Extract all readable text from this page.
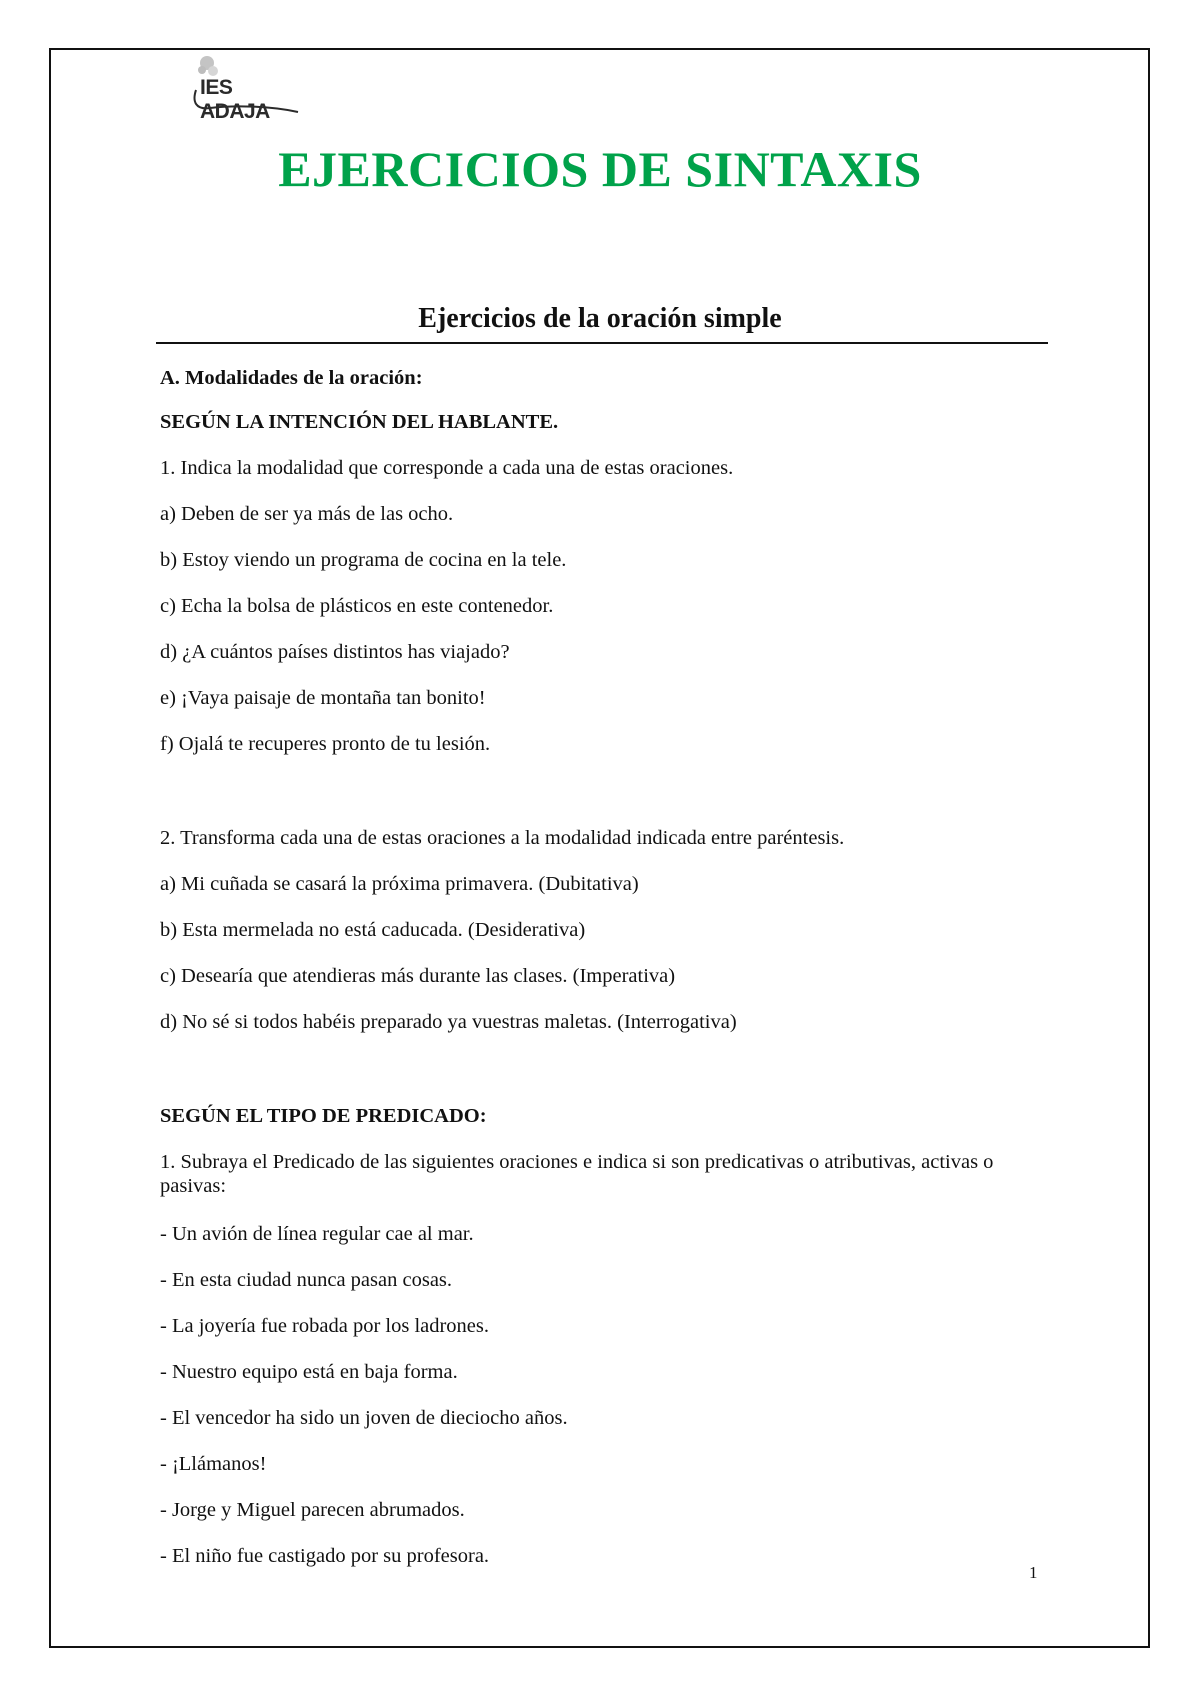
IES ADAJA
EJERCICIOS DE SINTAXIS
Ejercicios de la oración simple
A. Modalidades de la oración:
SEGÚN LA INTENCIÓN DEL HABLANTE.
1. Indica la modalidad que corresponde a cada una de estas oraciones.
a) Deben de ser ya más de las ocho.
b) Estoy viendo un programa de cocina en la tele.
c) Echa la bolsa de plásticos en este contenedor.
d) ¿A cuántos países distintos has viajado?
e) ¡Vaya paisaje de montaña tan bonito!
f) Ojalá te recuperes pronto de tu lesión.
2. Transforma cada una de estas oraciones a la modalidad indicada entre paréntesis.
a) Mi cuñada se casará la próxima primavera. (Dubitativa)
b) Esta mermelada no está caducada. (Desiderativa)
c) Desearía que atendieras más durante las clases. (Imperativa)
d) No sé si todos habéis preparado ya vuestras maletas. (Interrogativa)
SEGÚN EL TIPO DE PREDICADO:
1. Subraya el Predicado de las siguientes oraciones e indica si son predicativas o atributivas, activas o pasivas:
- Un avión de línea regular cae al mar.
- En esta ciudad nunca pasan cosas.
- La joyería fue robada por los ladrones.
- Nuestro equipo está en baja forma.
- El vencedor ha sido un joven de dieciocho años.
- ¡Llámanos!
- Jorge y Miguel parecen abrumados.
- El niño fue castigado por su profesora.
1
